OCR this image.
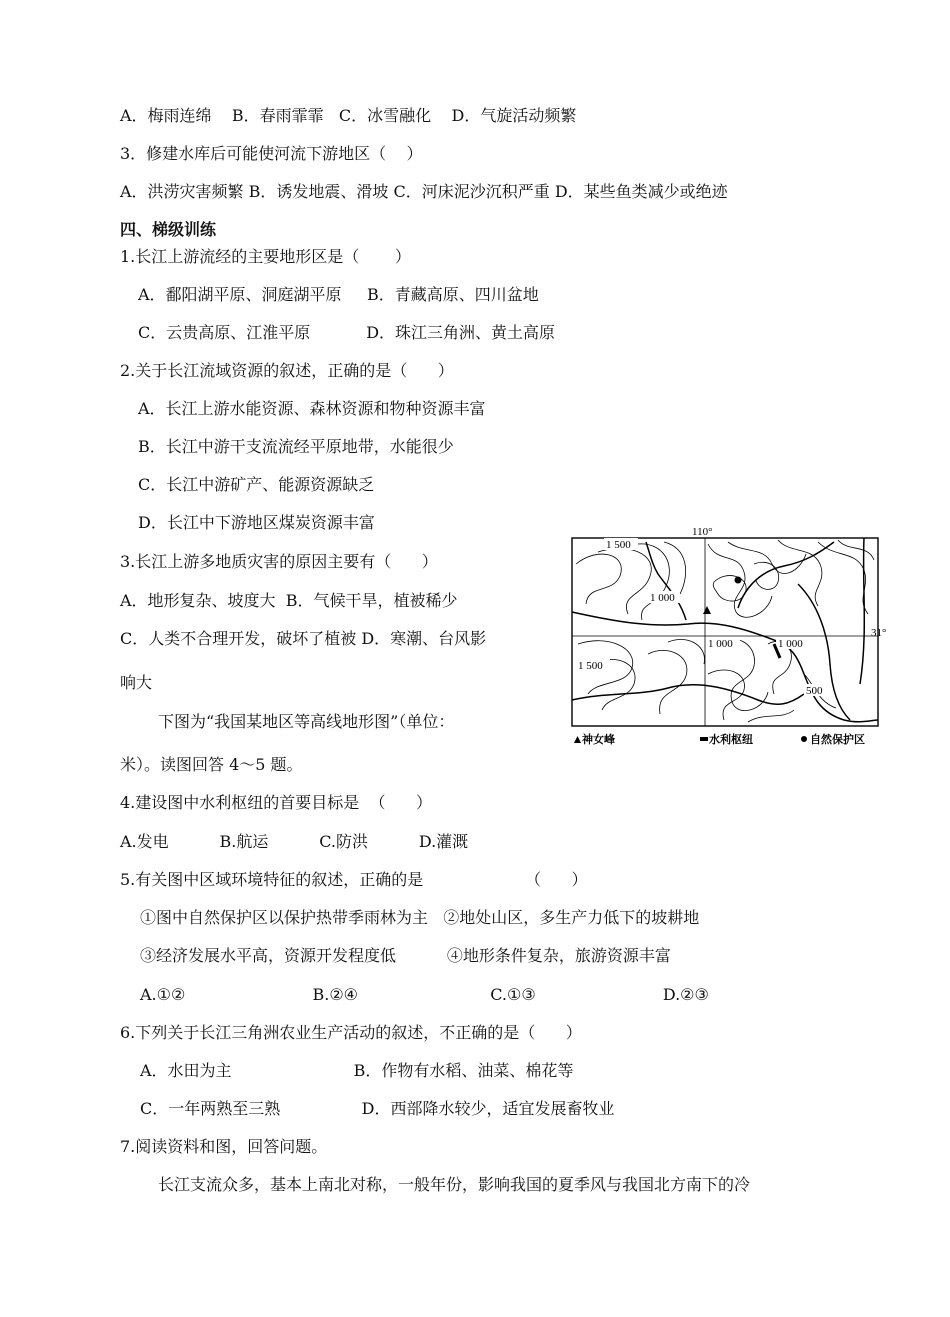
A．梅雨连绵    B．春雨霏霏   C．冰雪融化    D．气旋活动频繁
3．修建水库后可能使河流下游地区（    ）
A．洪涝灾害频繁 B．诱发地震、滑坡 C．河床泥沙沉积严重 D．某些鱼类减少或绝迹
四、梯级训练
1.长江上游流经的主要地形区是（       ）
A．鄱阳湖平原、洞庭湖平原     B．青藏高原、四川盆地
C．云贵高原、江淮平原           D．珠江三角洲、黄土高原
2.关于长江流域资源的叙述，正确的是（      ）
A．长江上游水能资源、森林资源和物种资源丰富
B．长江中游干支流流经平原地带，水能很少
C．长江中游矿产、能源资源缺乏
D．长江中下游地区煤炭资源丰富
3.长江上游多地质灾害的原因主要有（      ）
A．地形复杂、坡度大  B．气候干旱，植被稀少
C．人类不合理开发，破坏了植被 D．寒潮、台风影
响大
下图为“我国某地区等高线地形图”（单位：
米）。读图回答 4～5 题。
4.建设图中水利枢纽的首要目标是  （      ）
A.发电          B.航运          C.防洪          D.灌溉
5.有关图中区域环境特征的叙述，正确的是                    （      ）
①图中自然保护区以保护热带季雨林为主   ②地处山区，多生产力低下的坡耕地
③经济发展水平高，资源开发程度低          ④地形条件复杂，旅游资源丰富
A.①②                         B.②④                          C.①③                         D.②③
6.下列关于长江三角洲农业生产活动的叙述，不正确的是（      ）
A．水田为主                        B．作物有水稻、油菜、棉花等
C．一年两熟至三熟                D．西部降水较少，适宜发展畜牧业
7.阅读资料和图，回答问题。
长江支流众多，基本上南北对称，一般年份，影响我国的夏季风与我国北方南下的冷
110°
31°
1 500
1 000
1 000	1 000
1 500
500
神女峰	水利枢纽	自然保护区
